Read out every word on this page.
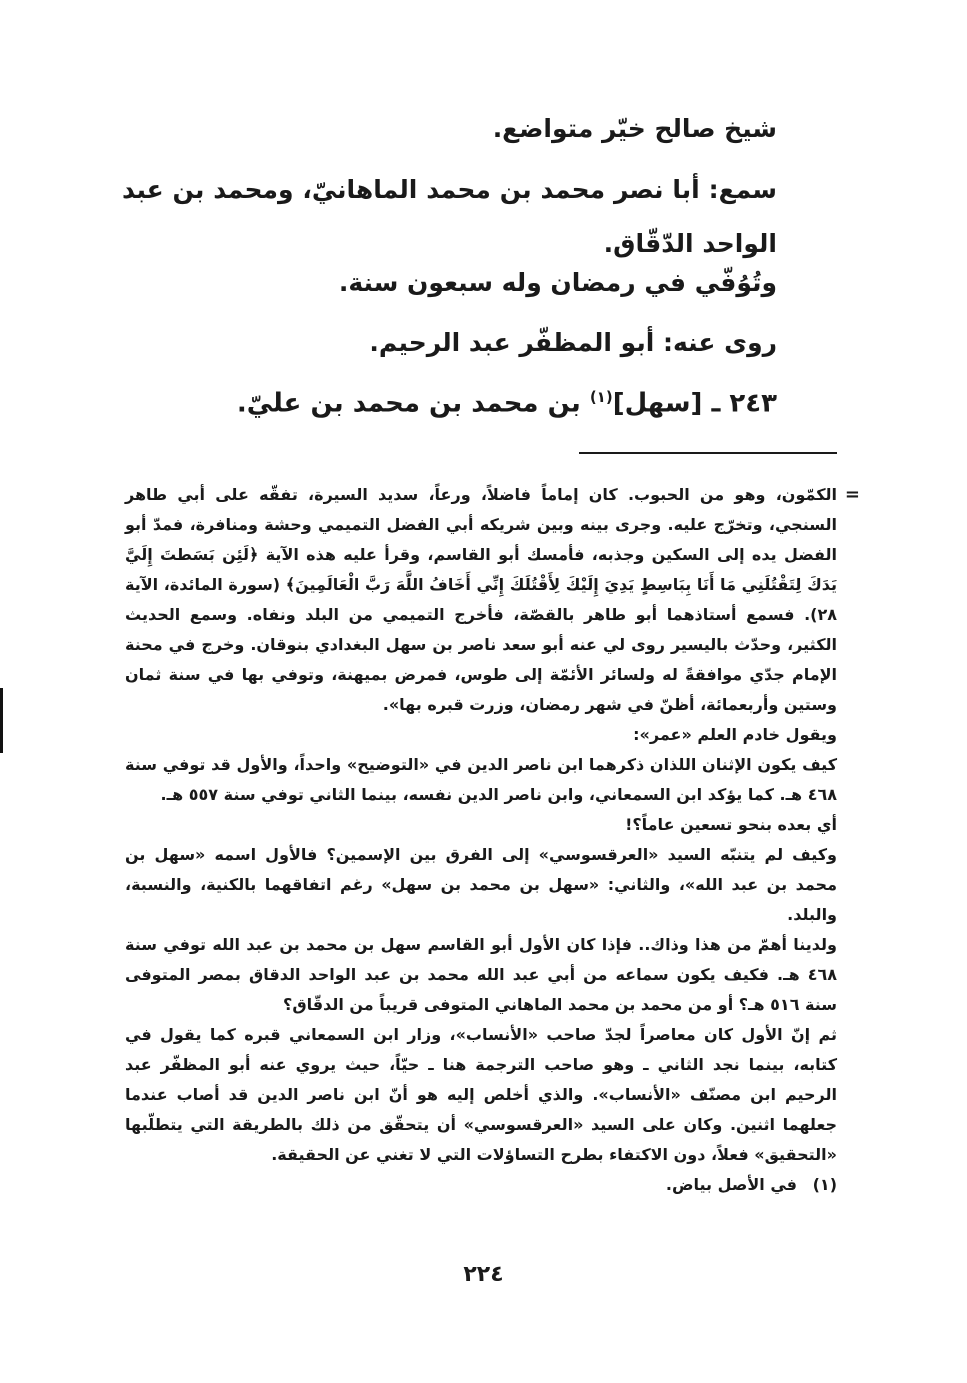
شيخ صالح خيّر متواضع.
سمع: أبا نصر محمد بن محمد الماهانيّ، ومحمد بن عبد الواحد الدّقّاق.
وتُوُفّي في رمضان وله سبعون سنة.
روى عنه: أبو المظفّر عبد الرحيم.
٢٤٣ ـ [سهل]$^{(١)}$ بن محمد بن محمد بن عليّ.
=

الكمّون، وهو من الحبوب. كان إماماً فاضلاً، ورعاً، سديد السيرة، تفقّه على أبي طاهر السنجي، وتخرّج عليه. وجرى بينه وبين شريكه أبي الفضل التميمي وحشة ومنافرة، فمدّ أبو الفضل يده إلى السكين وجذبه، فأمسك أبو القاسم، وقرأ عليه هذه الآية ﴿لَئِن بَسَطتَ إِلَيَّ يَدَكَ لِتَقْتُلَنِي مَا أَنَا بِبَاسِطٍ يَدِيَ إِلَيْكَ لِأَقْتُلَكَ إِنِّي أَخَافُ اللَّهَ رَبَّ الْعَالَمِينَ﴾ (سورة المائدة، الآية ٢٨). فسمع أستاذهما أبو طاهر بالقصّة، فأخرج التميمي من البلد ونفاه. وسمع الحديث الكثير، وحدّث باليسير روى لي عنه أبو سعد ناصر بن سهل البغدادي بنوقان. وخرج في محنة الإمام جدّي موافقةً له ولسائر الأئمّة إلى طوس، فمرض بميهنة، وتوفي بها في سنة ثمان وستين وأربعمائة، أظنّ في شهر رمضان، وزرت قبره بها».

ويقول خادم العلم «عمر»:

كيف يكون الإثنان اللذان ذكرهما ابن ناصر الدين في «التوضيح» واحداً، والأول قد توفي سنة ٤٦٨ هـ. كما يؤكد ابن السمعاني، وابن ناصر الدين نفسه، بينما الثاني توفي سنة ٥٥٧ هـ.

أي بعده بنحو تسعين عاماً؟!

وكيف لم يتنبّه السيد «العرقسوسي» إلى الفرق بين الإسمين؟ فالأول اسمه «سهل بن محمد بن عبد الله»، والثاني: «سهل بن محمد بن سهل» رغم اتفاقهما بالكنية، والنسبة، والبلد.

ولدينا أهمّ من هذا وذاك.. فإذا كان الأول أبو القاسم سهل بن محمد بن عبد الله توفي سنة ٤٦٨ هـ. فكيف يكون سماعه من أبي عبد الله محمد بن عبد الواحد الدقاق بمصر المتوفى سنة ٥١٦ هـ؟ أو من محمد بن محمد الماهاني المتوفى قريباً من الدقّاق؟

ثم إنّ الأول كان معاصراً لجدّ صاحب «الأنساب»، وزار ابن السمعاني قبره كما يقول في كتابه، بينما نجد الثاني ـ وهو صاحب الترجمة هنا ـ حيّاً، حيث يروي عنه أبو المظفّر عبد الرحيم ابن مصنّف «الأنساب». والذي أخلص إليه هو أنّ ابن ناصر الدين قد أصاب عندما جعلهما اثنين. وكان على السيد «العرقسوسي» أن يتحقّق من ذلك بالطريقة التي يتطلّبها «التحقيق» فعلاً، دون الاكتفاء بطرح التساؤلات التي لا تغني عن الحقيقة.

(١)
في الأصل بياض.

٢٢٤
